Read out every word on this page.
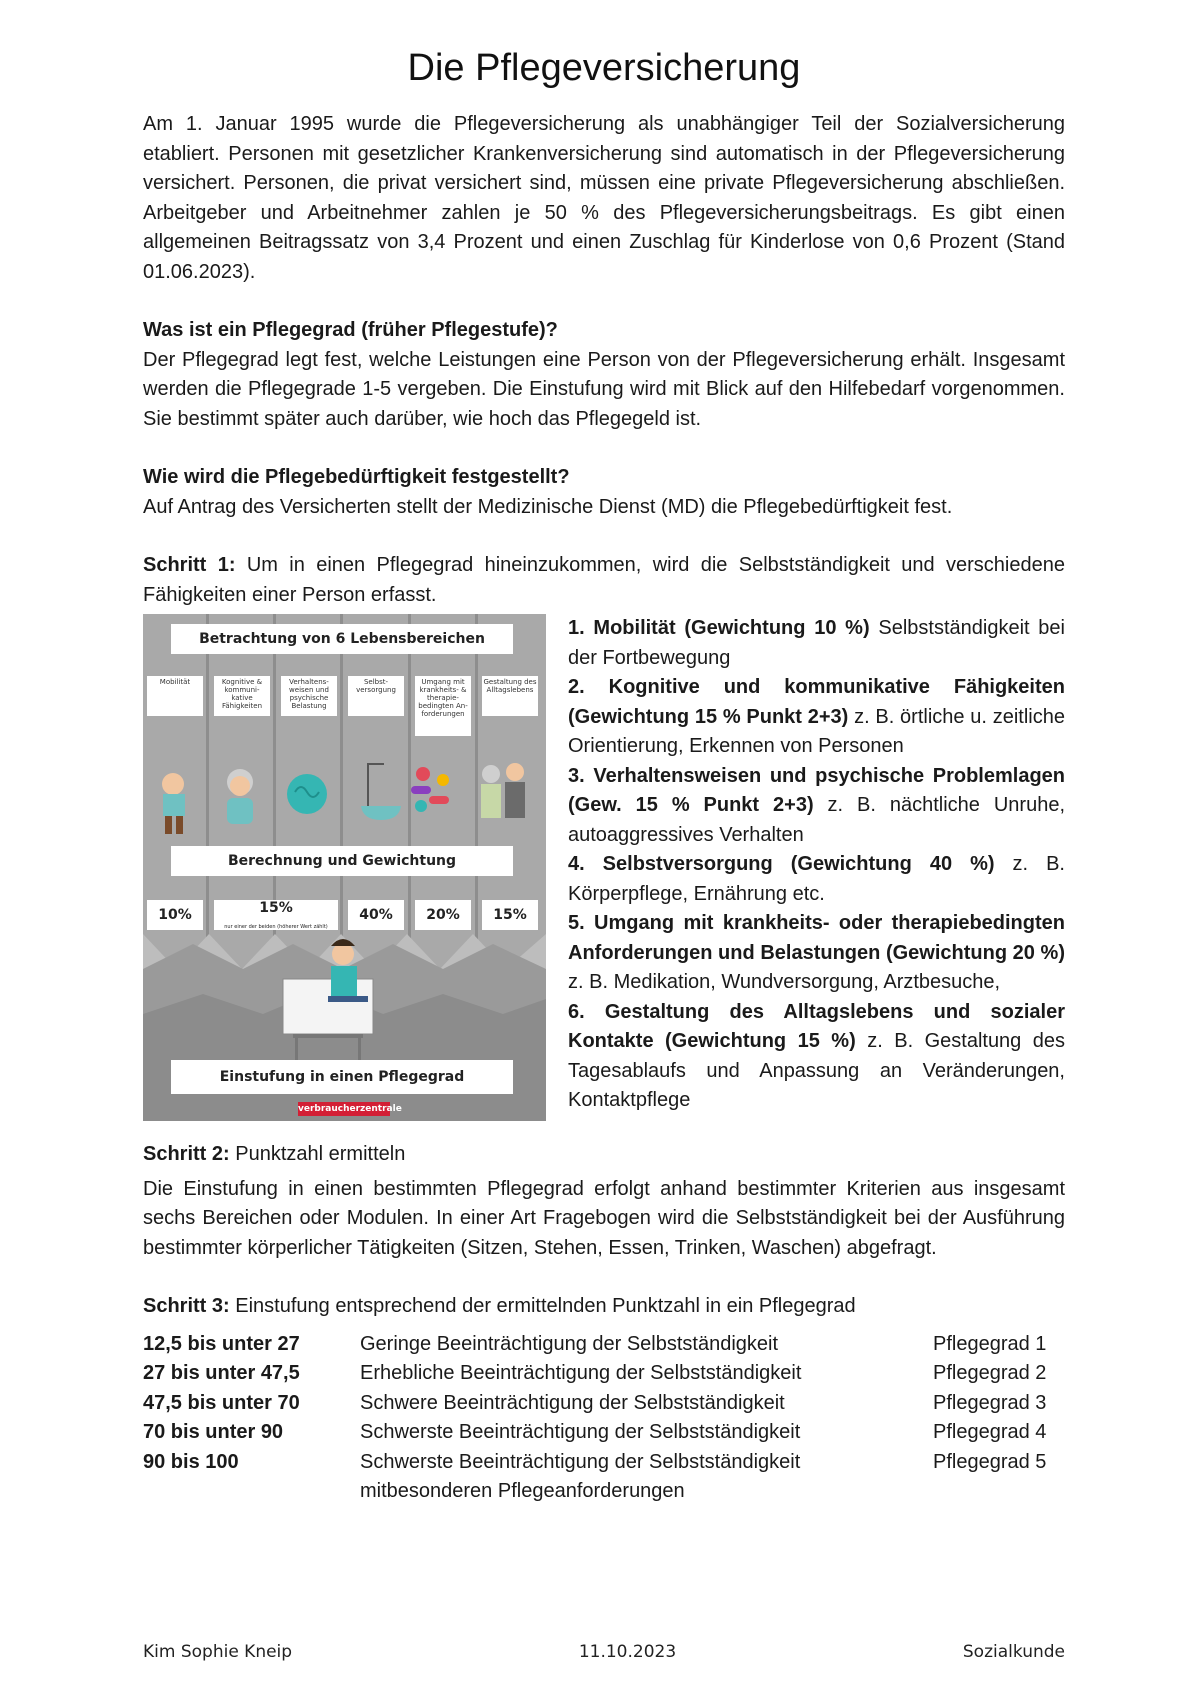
Die Pflegeversicherung

Am 1. Januar 1995 wurde die Pflegeversicherung als unabhängiger Teil der Sozialversicherung etabliert. Personen mit gesetzlicher Krankenversicherung sind automatisch in der Pflegeversicherung versichert. Personen, die privat versichert sind, müssen eine private Pflegeversicherung abschließen. Arbeitgeber und Arbeitnehmer zahlen je 50 % des Pflegeversicherungsbeitrags. Es gibt einen allgemeinen Beitragssatz von 3,4 Prozent und einen Zuschlag für Kinderlose von 0,6 Prozent (Stand 01.06.2023).

Was ist ein Pflegegrad (früher Pflegestufe)?

Der Pflegegrad legt fest, welche Leistungen eine Person von der Pflegeversicherung erhält. Insgesamt werden die Pflegegrade 1-5 vergeben. Die Einstufung wird mit Blick auf den Hilfebedarf vorgenommen. Sie bestimmt später auch darüber, wie hoch das Pflegegeld ist.

Wie wird die Pflegebedürftigkeit festgestellt?

Auf Antrag des Versicherten stellt der Medizinische Dienst (MD) die Pflegebedürftigkeit fest.

Schritt 1: Um in einen Pflegegrad hineinzukommen, wird die Selbstständigkeit und verschiedene Fähigkeiten einer Person erfasst.

Betrachtung von 6 Lebensbereichen
Mobilität	Kognitive & kommuni-kative Fähigkeiten
Verhaltens-weisen und psychische Belastung
Selbst-versorgung
Umgang mit krankheits- & therapie-bedingten An-forderungen
Gestaltung des Alltagslebens
Berechnung und Gewichtung
10%	15%
nur einer der beiden (höherer Wert zählt)
40%	20%	15%
Einstufung in einen Pflegegrad
verbraucherzentrale

1. Mobilität (Gewichtung 10 %) Selbstständigkeit bei der Fortbewegung

2. Kognitive und kommunikative Fähigkeiten (Gewichtung 15 % Punkt 2+3) z. B. örtliche u. zeitliche Orientierung, Erkennen von Personen

3. Verhaltensweisen und psychische Problemlagen (Gew. 15 % Punkt 2+3) z. B. nächtliche Unruhe, autoaggressives Verhalten

4. Selbstversorgung (Gewichtung 40 %) z. B. Körperpflege, Ernährung etc.

5. Umgang mit krankheits- oder therapiebedingten Anforderungen und Belastungen (Gewichtung 20 %) z. B. Medikation, Wundversorgung, Arztbesuche,

6. Gestaltung des Alltagslebens und sozialer Kontakte (Gewichtung 15 %) z. B. Gestaltung des Tagesablaufs und Anpassung an Veränderungen, Kontaktpflege

Schritt 2: Punktzahl ermitteln

Die Einstufung in einen bestimmten Pflegegrad erfolgt anhand bestimmter Kriterien aus insgesamt sechs Bereichen oder Modulen. In einer Art Fragebogen wird die Selbstständigkeit bei der Ausführung bestimmter körperlicher Tätigkeiten (Sitzen, Stehen, Essen, Trinken, Waschen) abgefragt.

Schritt 3: Einstufung entsprechend der ermittelnden Punktzahl in ein Pflegegrad

12,5 bis unter 27	Geringe Beeinträchtigung der Selbstständigkeit	Pflegegrad 1
27 bis unter 47,5	Erhebliche Beeinträchtigung der Selbstständigkeit	Pflegegrad 2
47,5 bis unter 70	Schwere Beeinträchtigung der Selbstständigkeit	Pflegegrad 3
70 bis unter 90	Schwerste Beeinträchtigung der Selbstständigkeit	Pflegegrad 4
90 bis 100	Schwerste Beeinträchtigung der Selbstständigkeit	Pflegegrad 5
mitbesonderen Pflegeanforderungen
Kim Sophie Kneip	11.10.2023	Sozialkunde
